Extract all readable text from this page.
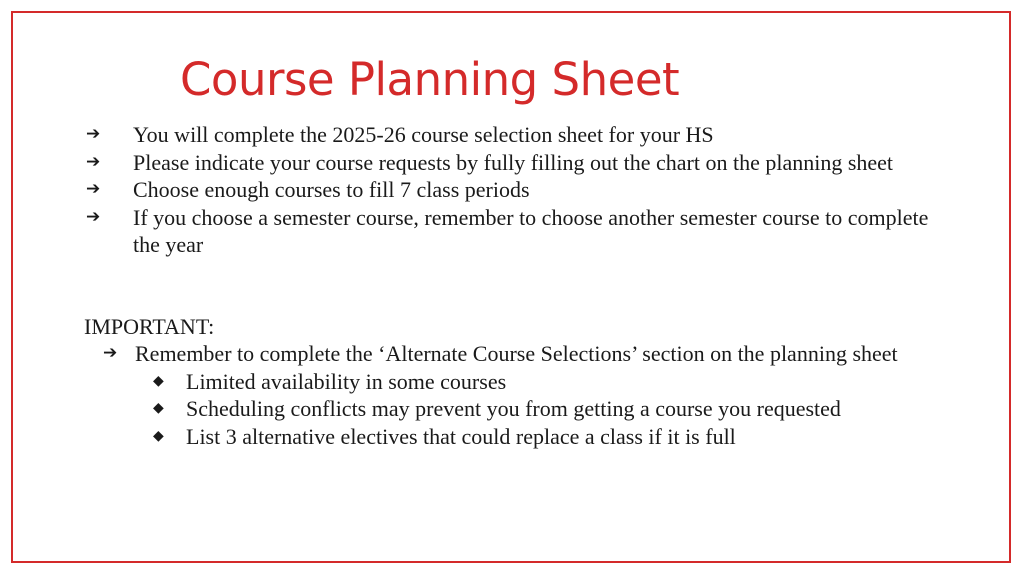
Course Planning Sheet
➔ You will complete the 2025-26 course selection sheet for your HS
➔ Please indicate your course requests by fully filling out the chart on the planning sheet
➔ Choose enough courses to fill 7 class periods
➔ If you choose a semester course, remember to choose another semester course to complete the year

IMPORTANT:

➔ Remember to complete the ‘Alternate Course Selections’ section on the planning sheet
◆ Limited availability in some courses
◆ Scheduling conflicts may prevent you from getting a course you requested
◆ List 3 alternative electives that could replace a class if it is full
